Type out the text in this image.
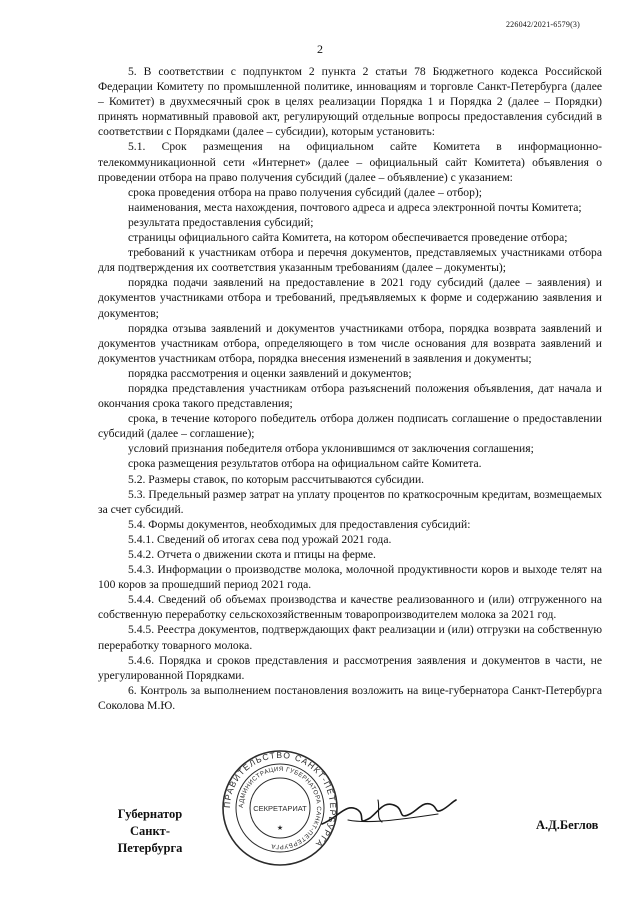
226042/2021-6579(3)
2

5. В соответствии с подпунктом 2 пункта 2 статьи 78 Бюджетного кодекса Российской Федерации Комитету по промышленной политике, инновациям и торговле Санкт-Петербурга (далее – Комитет) в двухмесячный срок в целях реализации Порядка 1 и Порядка 2 (далее – Порядки) принять нормативный правовой акт, регулирующий отдельные вопросы предоставления субсидий в соответствии с Порядками (далее – субсидии), которым установить:

5.1. Срок размещения на официальном сайте Комитета в информационно-телекоммуникационной сети «Интернет» (далее – официальный сайт Комитета) объявления о проведении отбора на право получения субсидий (далее – объявление) с указанием:

срока проведения отбора на право получения субсидий (далее – отбор);

наименования, места нахождения, почтового адреса и адреса электронной почты Комитета;

результата предоставления субсидий;

страницы официального сайта Комитета, на котором обеспечивается проведение отбора;

требований к участникам отбора и перечня документов, представляемых участниками отбора для подтверждения их соответствия указанным требованиям (далее – документы);

порядка подачи заявлений на предоставление в 2021 году субсидий (далее – заявления) и документов участниками отбора и требований, предъявляемых к форме и содержанию заявления и документов;

порядка отзыва заявлений и документов участниками отбора, порядка возврата заявлений и документов участникам отбора, определяющего в том числе основания для возврата заявлений и документов участникам отбора, порядка внесения изменений в заявления и документы;

порядка рассмотрения и оценки заявлений и документов;

порядка представления участникам отбора разъяснений положения объявления, дат начала и окончания срока такого представления;

срока, в течение которого победитель отбора должен подписать соглашение о предоставлении субсидий (далее – соглашение);

условий признания победителя отбора уклонившимся от заключения соглашения;

срока размещения результатов отбора на официальном сайте Комитета.

5.2. Размеры ставок, по которым рассчитываются субсидии.

5.3. Предельный размер затрат на уплату процентов по краткосрочным кредитам, возмещаемых за счет субсидий.

5.4. Формы документов, необходимых для предоставления субсидий:

5.4.1. Сведений об итогах сева под урожай 2021 года.

5.4.2. Отчета о движении скота и птицы на ферме.

5.4.3. Информации о производстве молока, молочной продуктивности коров и выходе телят на 100 коров за прошедший период 2021 года.

5.4.4. Сведений об объемах производства и качестве реализованного и (или) отгруженного на собственную переработку сельскохозяйственным товаропроизводителем молока за 2021 год.

5.4.5. Реестра документов, подтверждающих факт реализации и (или) отгрузки на собственную переработку товарного молока.

5.4.6. Порядка и сроков представления и рассмотрения заявления и документов в части, не урегулированной Порядками.

6. Контроль за выполнением постановления возложить на вице-губернатора Санкт-Петербурга Соколова М.Ю.

Губернатор
Санкт-Петербурга
ПРАВИТЕЛЬСТВО САНКТ-ПЕТЕРБУРГА
АДМИНИСТРАЦИЯ ГУБЕРНАТОРА САНКТ-ПЕТЕРБУРГА
СЕКРЕТАРИАТ
★	А.Д.Беглов
